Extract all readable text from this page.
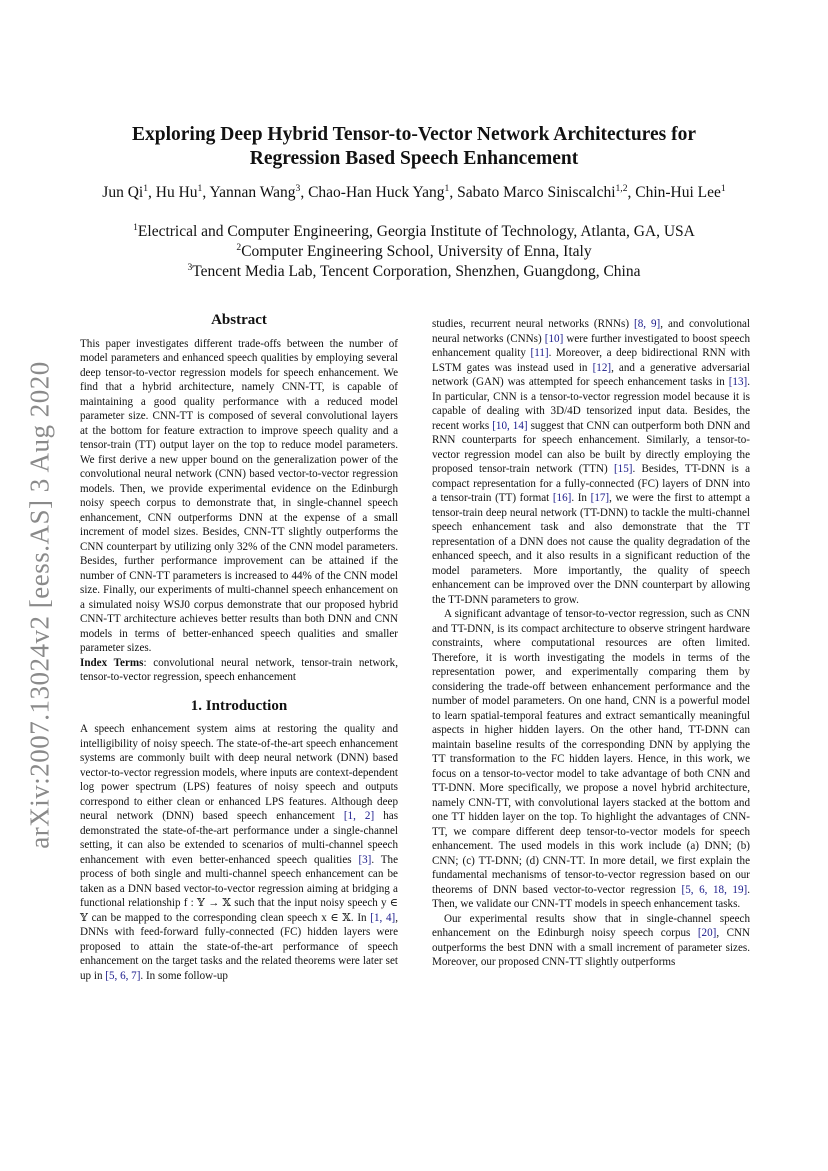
arXiv:2007.13024v2 [eess.AS] 3 Aug 2020
Exploring Deep Hybrid Tensor-to-Vector Network Architectures for
Regression Based Speech Enhancement
Jun Qi$^1$, Hu Hu$^1$, Yannan Wang$^3$, Chao-Han Huck Yang$^1$, Sabato Marco Siniscalchi$^{1,2}$, Chin-Hui Lee$^1$
$^1$Electrical and Computer Engineering, Georgia Institute of Technology, Atlanta, GA, USA
$^2$Computer Engineering School, University of Enna, Italy
$^3$Tencent Media Lab, Tencent Corporation, Shenzhen, Guangdong, China
Abstract

This paper investigates different trade-offs between the number of model parameters and enhanced speech qualities by employing several deep tensor-to-vector regression models for speech enhancement. We find that a hybrid architecture, namely CNN-TT, is capable of maintaining a good quality performance with a reduced model parameter size. CNN-TT is composed of several convolutional layers at the bottom for feature extraction to improve speech quality and a tensor-train (TT) output layer on the top to reduce model parameters. We first derive a new upper bound on the generalization power of the convolutional neural network (CNN) based vector-to-vector regression models. Then, we provide experimental evidence on the Edinburgh noisy speech corpus to demonstrate that, in single-channel speech enhancement, CNN outperforms DNN at the expense of a small increment of model sizes. Besides, CNN-TT slightly outperforms the CNN counterpart by utilizing only 32% of the CNN model parameters. Besides, further performance improvement can be attained if the number of CNN-TT parameters is increased to 44% of the CNN model size. Finally, our experiments of multi-channel speech enhancement on a simulated noisy WSJ0 corpus demonstrate that our proposed hybrid CNN-TT architecture achieves better results than both DNN and CNN models in terms of better-enhanced speech qualities and smaller parameter sizes.

Index Terms: convolutional neural network, tensor-train network, tensor-to-vector regression, speech enhancement

1. Introduction

A speech enhancement system aims at restoring the quality and intelligibility of noisy speech. The state-of-the-art speech enhancement systems are commonly built with deep neural network (DNN) based vector-to-vector regression models, where inputs are context-dependent log power spectrum (LPS) features of noisy speech and outputs correspond to either clean or enhanced LPS features. Although deep neural network (DNN) based speech enhancement [1, 2] has demonstrated the state-of-the-art performance under a single-channel setting, it can also be extended to scenarios of multi-channel speech enhancement with even better-enhanced speech qualities [3]. The process of both single and multi-channel speech enhancement can be taken as a DNN based vector-to-vector regression aiming at bridging a functional relationship f : 𝕐 → 𝕏 such that the input noisy speech y ∈ 𝕐 can be mapped to the corresponding clean speech x ∈ 𝕏. In [1, 4], DNNs with feed-forward fully-connected (FC) hidden layers were proposed to attain the state-of-the-art performance of speech enhancement on the target tasks and the related theorems were later set up in [5, 6, 7]. In some follow-up

studies, recurrent neural networks (RNNs) [8, 9], and convolutional neural networks (CNNs) [10] were further investigated to boost speech enhancement quality [11]. Moreover, a deep bidirectional RNN with LSTM gates was instead used in [12], and a generative adversarial network (GAN) was attempted for speech enhancement tasks in [13]. In particular, CNN is a tensor-to-vector regression model because it is capable of dealing with 3D/4D tensorized input data. Besides, the recent works [10, 14] suggest that CNN can outperform both DNN and RNN counterparts for speech enhancement. Similarly, a tensor-to-vector regression model can also be built by directly employing the proposed tensor-train network (TTN) [15]. Besides, TT-DNN is a compact representation for a fully-connected (FC) layers of DNN into a tensor-train (TT) format [16]. In [17], we were the first to attempt a tensor-train deep neural network (TT-DNN) to tackle the multi-channel speech enhancement task and also demonstrate that the TT representation of a DNN does not cause the quality degradation of the enhanced speech, and it also results in a significant reduction of the model parameters. More importantly, the quality of speech enhancement can be improved over the DNN counterpart by allowing the TT-DNN parameters to grow.

A significant advantage of tensor-to-vector regression, such as CNN and TT-DNN, is its compact architecture to observe stringent hardware constraints, where computational resources are often limited. Therefore, it is worth investigating the models in terms of the representation power, and experimentally comparing them by considering the trade-off between enhancement performance and the number of model parameters. On one hand, CNN is a powerful model to learn spatial-temporal features and extract semantically meaningful aspects in higher hidden layers. On the other hand, TT-DNN can maintain baseline results of the corresponding DNN by applying the TT transformation to the FC hidden layers. Hence, in this work, we focus on a tensor-to-vector model to take advantage of both CNN and TT-DNN. More specifically, we propose a novel hybrid architecture, namely CNN-TT, with convolutional layers stacked at the bottom and one TT hidden layer on the top. To highlight the advantages of CNN-TT, we compare different deep tensor-to-vector models for speech enhancement. The used models in this work include (a) DNN; (b) CNN; (c) TT-DNN; (d) CNN-TT. In more detail, we first explain the fundamental mechanisms of tensor-to-vector regression based on our theorems of DNN based vector-to-vector regression [5, 6, 18, 19]. Then, we validate our CNN-TT models in speech enhancement tasks.

Our experimental results show that in single-channel speech enhancement on the Edinburgh noisy speech corpus [20], CNN outperforms the best DNN with a small increment of parameter sizes. Moreover, our proposed CNN-TT slightly outperforms
